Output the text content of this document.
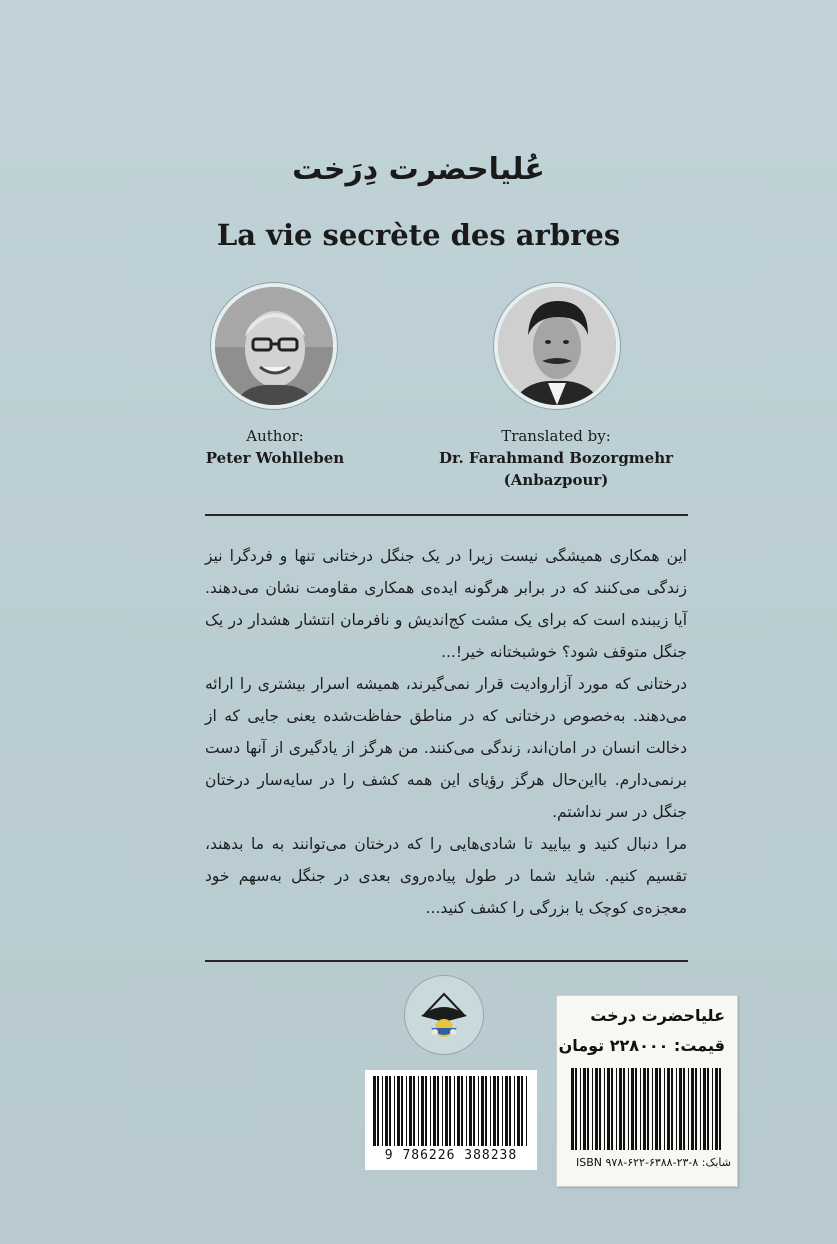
عُلیاحضرت دِرَخت
La vie secrète des arbres
Author:
Peter Wohlleben
Translated by:
Dr. Farahmand Bozorgmehr
(Anbazpour)

این همکاری همیشگی نیست زیرا در یک جنگل درختانی تنها و فردگرا نیز زندگی می‌کنند که در برابر هرگونه ایده‌ی همکاری مقاومت نشان می‌دهند. آیا زیبنده است که برای یک مشت کج‌اندیش و نافرمان انتشار هشدار در یک جنگل متوقف شود؟ خوشبختانه خیر!...

درختانی که مورد آزاروادیت قرار نمی‌گیرند، همیشه اسرار بیشتری را ارائه می‌دهند. به‌خصوص درختانی که در مناطق حفاظت‌شده یعنی جایی که از دخالت انسان در امان‌اند، زندگی می‌کنند. من هرگز از یادگیری از آنها دست برنمی‌دارم. بااین‌حال هرگز رؤیای این همه کشف را در سایه‌سار درختان جنگل در سر نداشتم.

مرا دنبال کنید و بیایید تا شادی‌هایی را که درختان می‌توانند به ما بدهند، تقسیم کنیم. شاید شما در طول پیاده‌روی بعدی در جنگل به‌سهم خود معجزه‌ی کوچک یا بزرگی را کشف کنید...

9 786226 388238
علیاحضرت درخت
قیمت: ۲۲۸۰۰۰ تومان
شابک: ۸-۲۳-۶۳۸۸-۶۲۲-۹۷۸ ISBN
